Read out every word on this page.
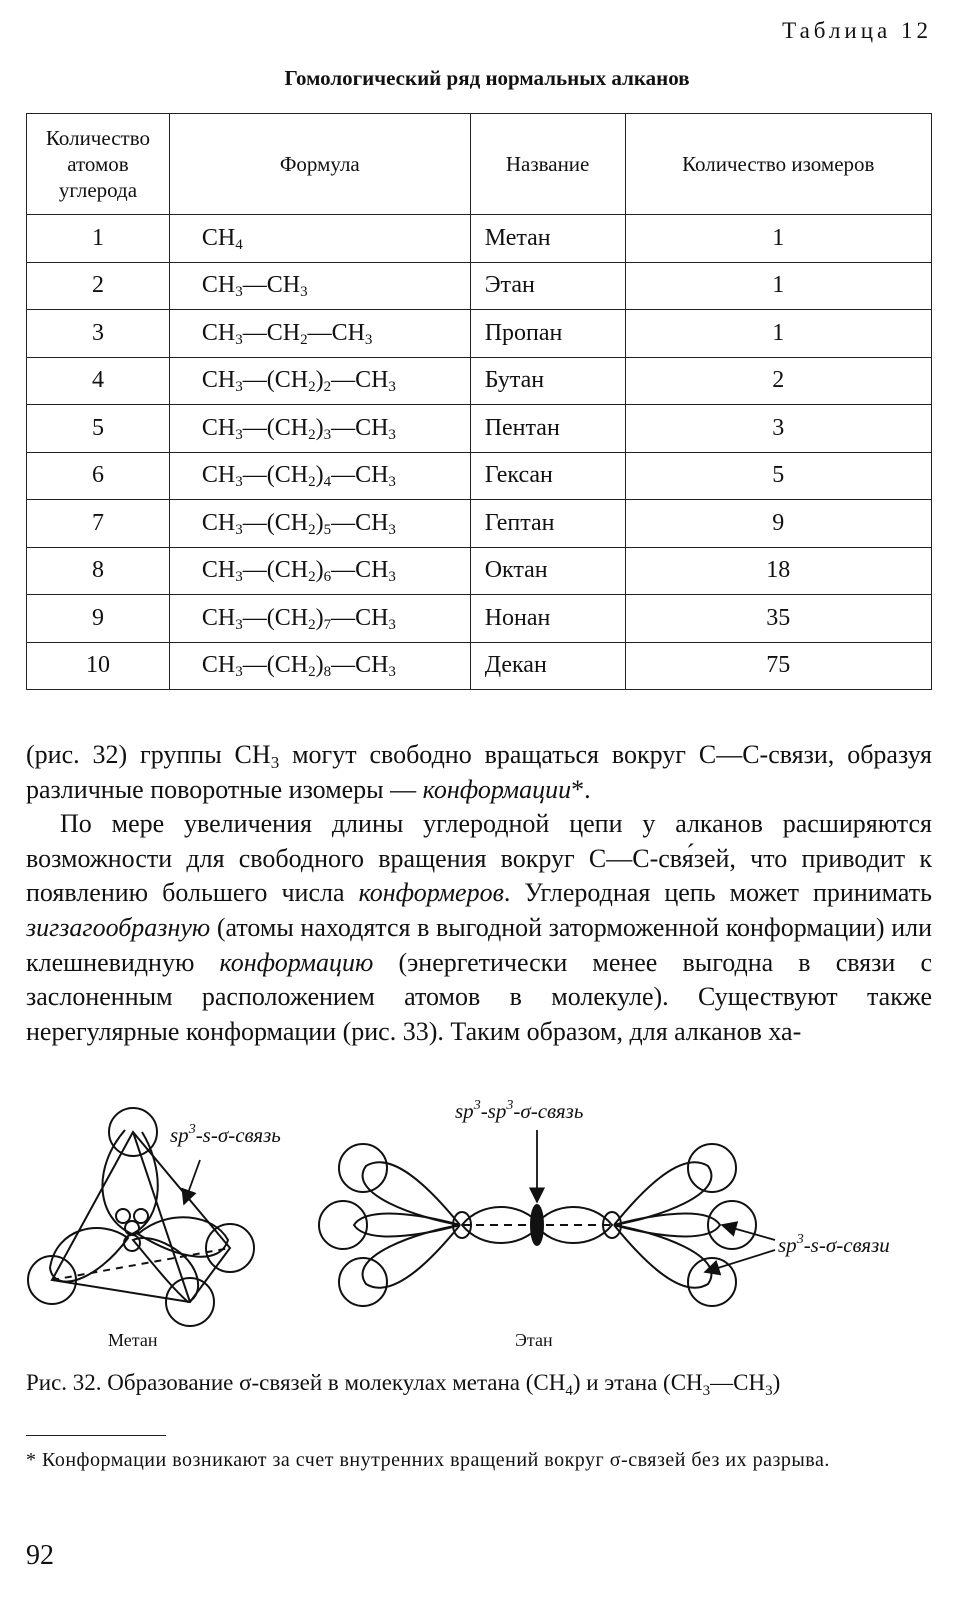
Таблица 12
Гомологический ряд нормальных алканов
Количество
атомов
углерода	Формула	Название	Количество изомеров
1	$CH_4$	Метан	1
2	$CH_3—CH_3$	Этан	1
3	$CH_3—CH_2—CH_3$	Пропан	1
4	$CH_3—(CH_2)_2—CH_3$	Бутан	2
5	$CH_3—(CH_2)_3—CH_3$	Пентан	3
6	$CH_3—(CH_2)_4—CH_3$	Гексан	5
7	$CH_3—(CH_2)_5—CH_3$	Гептан	9
8	$CH_3—(CH_2)_6—CH_3$	Октан	18
9	$CH_3—(CH_2)_7—CH_3$	Нонан	35
10	$CH_3—(CH_2)_8—CH_3$	Декан	75

(рис. 32) группы $CH_3$ могут свободно вращаться вокруг C—C-связи, образуя различные поворотные изомеры — конформации*.

По мере увеличения длины углеродной цепи у алканов расширяются возможности для свободного вращения вокруг C—C-свя́зей, что приводит к появлению большего числа конформеров. Углеродная цепь может принимать зигзагообразную (атомы находятся в выгодной заторможенной конформации) или клешневидную конформацию (энергетически менее выгодна в связи с заслоненным расположением атомов в молекуле). Существуют также нерегулярные конформации (рис. 33). Таким образом, для алканов ха-

$sp^3-s-\sigma$-связь
$sp^3-sp^3-\sigma$-связь
$sp^3-s-\sigma$-связи
Метан	Этан
Рис. 32. Образование σ-связей в молекулах метана $(CH_4)$ и этана $(CH_3—CH_3)$
* Конформации возникают за счет внутренних вращений вокруг σ-связей без их разрыва.
92
